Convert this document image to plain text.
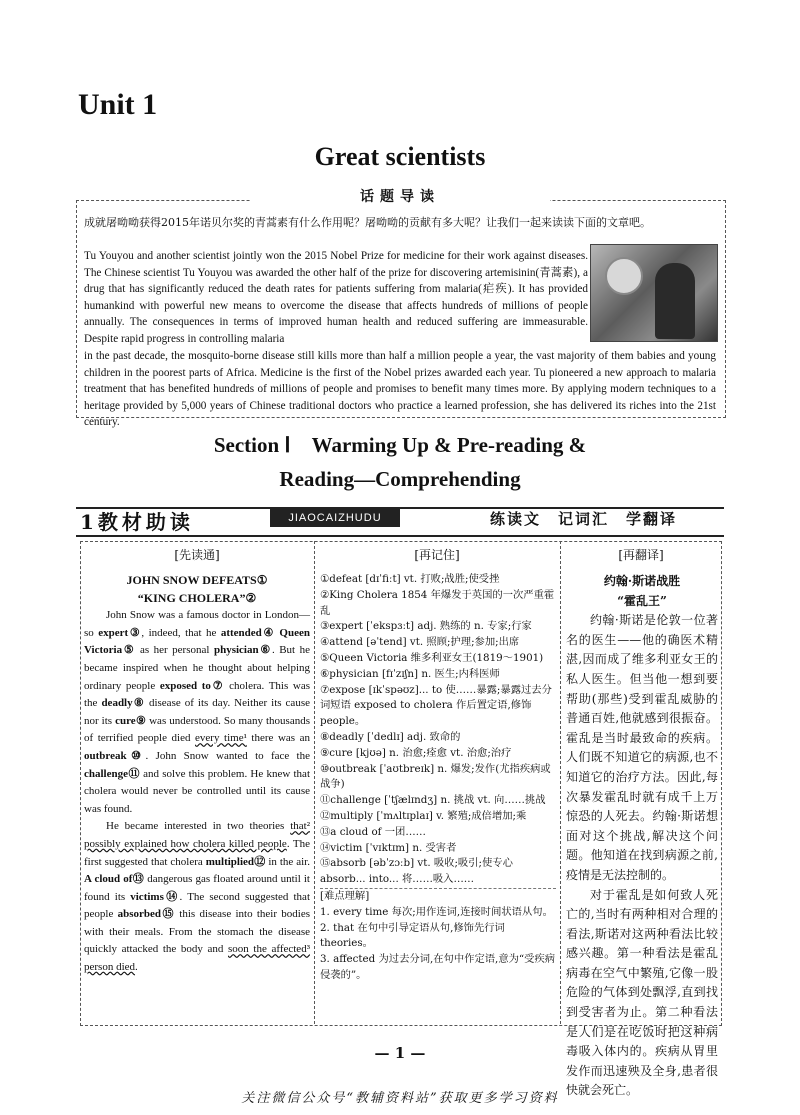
Unit 1
Great scientists
话题导读
成就屠呦呦获得2015年诺贝尔奖的青蒿素有什么作用呢？屠呦呦的贡献有多大呢？让我们一起来读读下面的文章吧。
Tu Youyou and another scientist jointly won the 2015 Nobel Prize for medicine for their work against diseases. The Chinese scientist Tu Youyou was awarded the other half of the prize for discovering artemisinin(青蒿素), a drug that has significantly reduced the death rates for patients suffering from malaria(疟疾). It has provided humankind with powerful new means to overcome the disease that affects hundreds of millions of people annually. The consequences in terms of improved human health and reduced suffering are immeasurable. Despite rapid progress in controlling malaria
in the past decade, the mosquito-borne disease still kills more than half a million people a year, the vast majority of them babies and young children in the poorest parts of Africa. Medicine is the first of the Nobel prizes awarded each year. Tu pioneered a new approach to malaria treatment that has benefited hundreds of millions of people and promises to benefit many times more. By applying modern techniques to a heritage provided by 5,000 years of Chinese traditional doctors who practice a learned profession, she has delivered its riches into the 21st century.
Section Ⅰ　Warming Up & Pre-reading &
Reading—Comprehending
1教材助读	JIAOCAIZHUDU	练读文　记词汇　学翻译
[先读通]	[再记住]	[再翻译]
JOHN SNOW DEFEATS①
“KING CHOLERA”②

John Snow was a famous doctor in London—so expert③, indeed, that he attended④ Queen Victoria⑤ as her personal physician⑥. But he became inspired when he thought about helping ordinary people exposed to⑦ cholera. This was the deadly⑧ disease of its day. Neither its cause nor its cure⑨ was understood. So many thousands of terrified people died every time¹ there was an outbreak⑩. John Snow wanted to face the challenge⑪ and solve this problem. He knew that cholera would never be controlled until its cause was found.

He became interested in two theories that² possibly explained how cholera killed people. The first suggested that cholera multiplied⑫ in the air. A cloud of⑬ dangerous gas floated around until it found its victims⑭. The second suggested that people absorbed⑮ this disease into their bodies with their meals. From the stomach the disease quickly attacked the body and soon the affected³ person died.

①defeat [dɪˈfiːt] vt. 打败;战胜;使受挫
②King Cholera 1854 年爆发于英国的一次严重霍乱
③expert [ˈekspɜːt] adj. 熟练的 n. 专家;行家
④attend [əˈtend] vt. 照顾;护理;参加;出席
⑤Queen Victoria 维多利亚女王(1819～1901)
⑥physician [fɪˈzɪʃn] n. 医生;内科医师
⑦expose [ɪkˈspəʊz]... to 使……暴露;暴露过去分词短语 exposed to cholera 作后置定语,修饰 people。
⑧deadly [ˈdedlɪ] adj. 致命的
⑨cure [kjʊə] n. 治愈;痊愈 vt. 治愈;治疗
⑩outbreak [ˈaʊtbreɪk] n. 爆发;发作(尤指疾病或战争)
⑪challenge [ˈtʃælɪndʒ] n. 挑战 vt. 向……挑战
⑫multiply [ˈmʌltɪplaɪ] v. 繁殖;成倍增加;乘
⑬a cloud of 一团……
⑭victim [ˈvɪktɪm] n. 受害者
⑮absorb [əbˈzɔːb] vt. 吸收;吸引;使专心 absorb... into... 将……吸入……
[难点理解]
1. every time 每次;用作连词,连接时间状语从句。
2. that 在句中引导定语从句,修饰先行词 theories。
3. affected 为过去分词,在句中作定语,意为“受疾病侵袭的”。
约翰·斯诺战胜
“霍乱王”

约翰·斯诺是伦敦一位著名的医生——他的确医术精湛,因而成了维多利亚女王的私人医生。但当他一想到要帮助(那些)受到霍乱威胁的普通百姓,他就感到很振奋。霍乱是当时最致命的疾病。人们既不知道它的病源,也不知道它的治疗方法。因此,每次暴发霍乱时就有成千上万惊恐的人死去。约翰·斯诺想面对这个挑战,解决这个问题。他知道在找到病源之前,疫情是无法控制的。

对于霍乱是如何致人死亡的,当时有两种相对合理的看法,斯诺对这两种看法比较感兴趣。第一种看法是霍乱病毒在空气中繁殖,它像一股危险的气体到处飘浮,直到找到受害者为止。第二种看法是人们是在吃饭时把这种病毒吸入体内的。疾病从胃里发作而迅速殃及全身,患者很快就会死亡。

— 1 —
关注微信公众号“教辅资料站”获取更多学习资料
